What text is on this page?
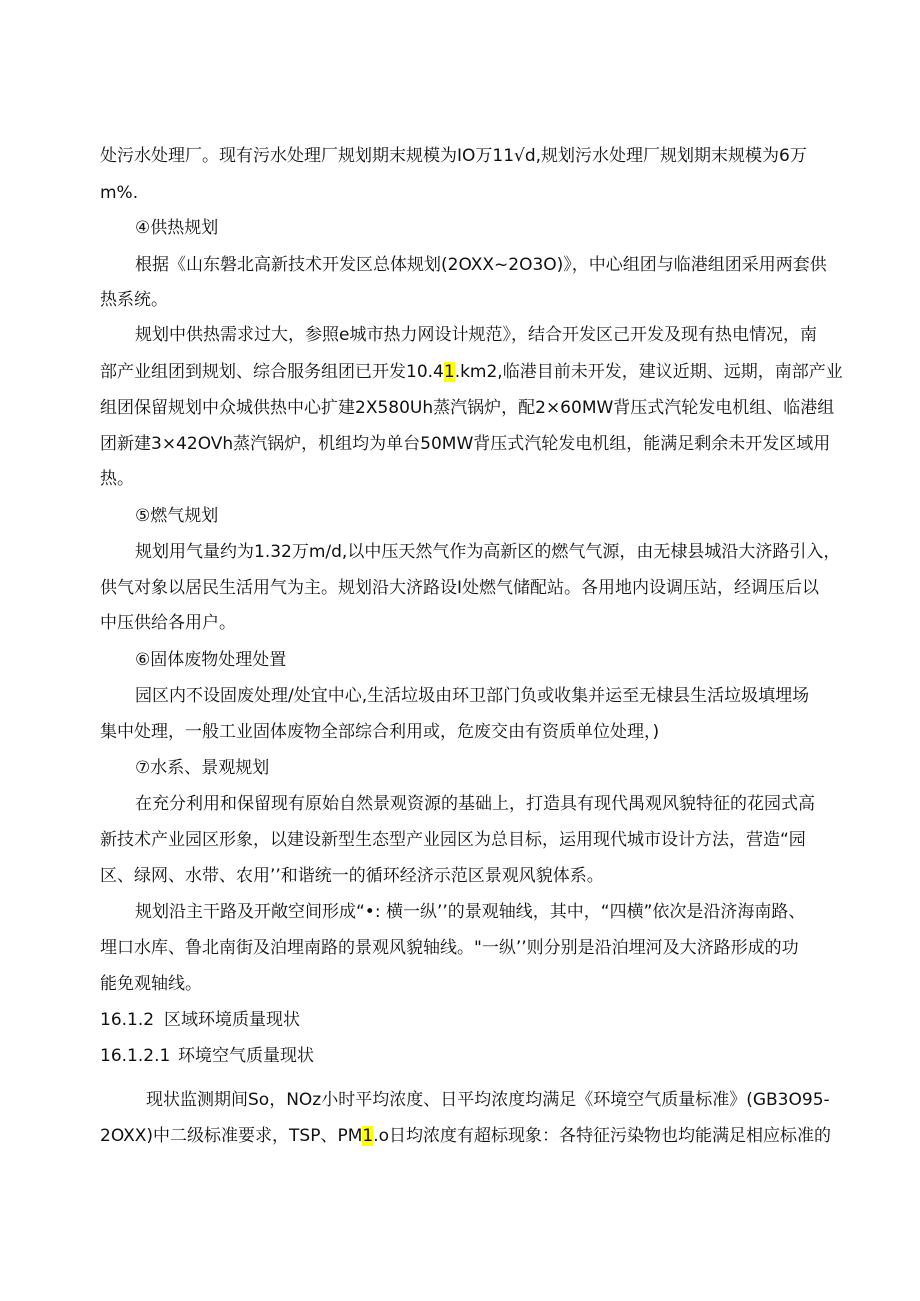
处污水处理厂。现有污水处理厂规划期末规模为IO万11√d,规划污水处理厂规划期末规模为6万
m%.
④供热规划
根据《山东磐北高新技术开发区总体规划(2OXX~2O3O)》，中心组团与临港组团采用两套供
热系统。
规划中供热需求过大，参照e城市热力网设计规范》，结合开发区己开发及现有热电情况，南
部产业组团到规划、综合服务组团已开发10.41.km2,临港目前未开发，建议近期、远期，南部产业
组团保留规划中众城供热中心扩建2X580Uh蒸汽锅炉，配2×60MW背压式汽轮发电机组、临港组
团新建3×42OVh蒸汽锅炉，机组均为单台50MW背压式汽轮发电机组，能满足剩余未开发区域用
热。
⑤燃气规划
规划用气量约为1.32万m∕d,以中压天然气作为高新区的燃气气源，由无棣县城沿大济路引入，
供气对象以居民生活用气为主。规划沿大济路设I处燃气储配站。各用地内设调压站，经调压后以
中压供给各用户。
⑥固体废物处理处置
园区内不设固废处理/处宜中心,生活垃圾由环卫部门负或收集并运至无棣县生活垃圾填埋场
集中处理，一般工业固体废物全部综合利用或，危废交由有资质单位处理，)
⑦水系、景观规划
在充分利用和保留现有原始自然景观资源的基础上，打造具有现代禺观风貌特征的花园式高
新技术产业园区形象，以建设新型生态型产业园区为总目标，运用现代城市设计方法，营造“园
区、绿网、水带、农用’’和谐统一的循环经济示范区景观风貌体系。
规划沿主干路及开敞空间形成“•: 横一纵’’的景观轴线，其中，“四横”依次是沿济海南路、
埋口水库、鲁北南街及泊埋南路的景观风貌轴线。"一纵’’则分别是沿泊埋河及大济路形成的功
能免观轴线。
16.1.2 区域环境质量现状
16.1.2.1 环境空气质量现状
现状监测期间So，NOz小时平均浓度、日平均浓度均满足《环境空气质量标准》(GB3O95-
2OXX)中二级标准要求，TSP、PM1.o日均浓度有超标现象：各特征污染物也均能满足相应标准的
